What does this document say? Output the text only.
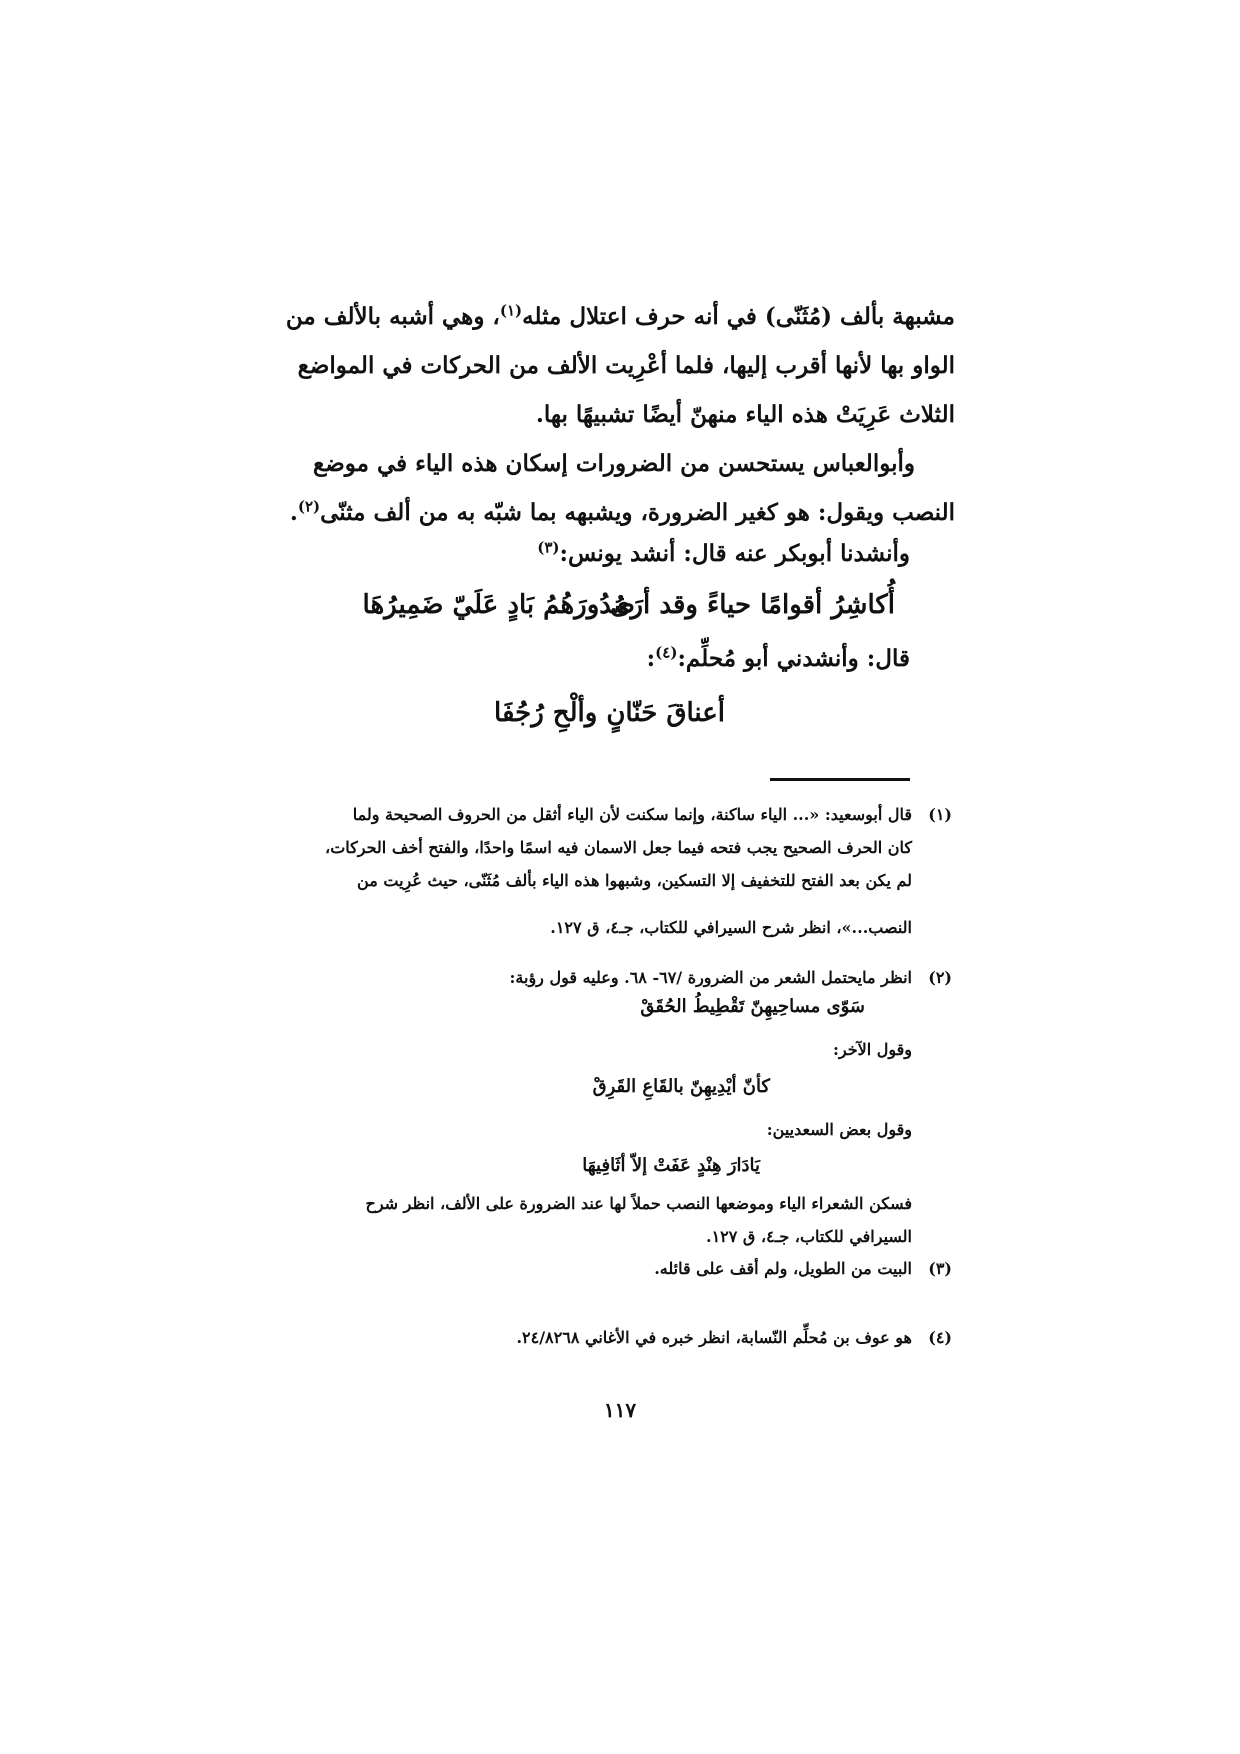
مشبهة بألف (مُثَنّى) في أنه حرف اعتلال مثله$^{(١)}$، وهي أشبه بالألف من
الواو بها لأنها أقرب إليها، فلما أعْرِيت الألف من الحركات في المواضع
الثلاث عَرِيَتْ هذه الياء منهنّ أيضًا تشبيهًا بها.

وأبوالعباس يستحسن من الضرورات إسكان هذه الياء في موضع
النصب ويقول: هو كغير الضرورة، ويشبهه بما شبّه به من ألف مثنّى$^{(٢)}$.

وأنشدنا أبوبكر عنه قال: أنشد يونس:$^{(٣)}$
أُكاشِرُ أقوامًا حياءً وقد أرَى
صُدُورَهُمُ بَادٍ عَلَيّ ضَمِيرُهَا
قال: وأنشدني أبو مُحلِّم:$^{(٤)}$:
أعناقَ حَنّانٍ وألْحِ رُجُفَا
(١)
قال أبوسعيد: «... الياء ساكنة، وإنما سكنت لأن الياء أثقل من الحروف الصحيحة ولما
كان الحرف الصحيح يجب فتحه فيما جعل الاسمان فيه اسمًا واحدًا، والفتح أخف الحركات،
لم يكن بعد الفتح للتخفيف إلا التسكين، وشبهوا هذه الياء بألف مُثَنّى، حيث عُرِيت من
النصب...»، انظر شرح السيرافي للكتاب، جـ٤، ق ١٢٧.
(٢)
انظر مايحتمل الشعر من الضرورة /٦٧- ٦٨. وعليه قول رؤبة:
سَوّى مساحِيهِنّ تَقْطِيطُ الحُقَقْ
وقول الآخر:
كأنّ أيْدِيهِنّ بالقَاعِ القَرِقْ
وقول بعض السعديين:
يَادَارَ هِنْدٍ عَفَتْ إلاّ أثَافِيهَا
فسكن الشعراء الياء وموضعها النصب حملاً لها عند الضرورة على الألف، انظر شرح
السيرافي للكتاب، جـ٤، ق ١٢٧.
(٣)
البيت من الطويل، ولم أقف على قائله.
(٤)
هو عوف بن مُحلِّم النّسابة، انظر خبره في الأغاني ٢٤/٨٢٦٨.
١١٧
